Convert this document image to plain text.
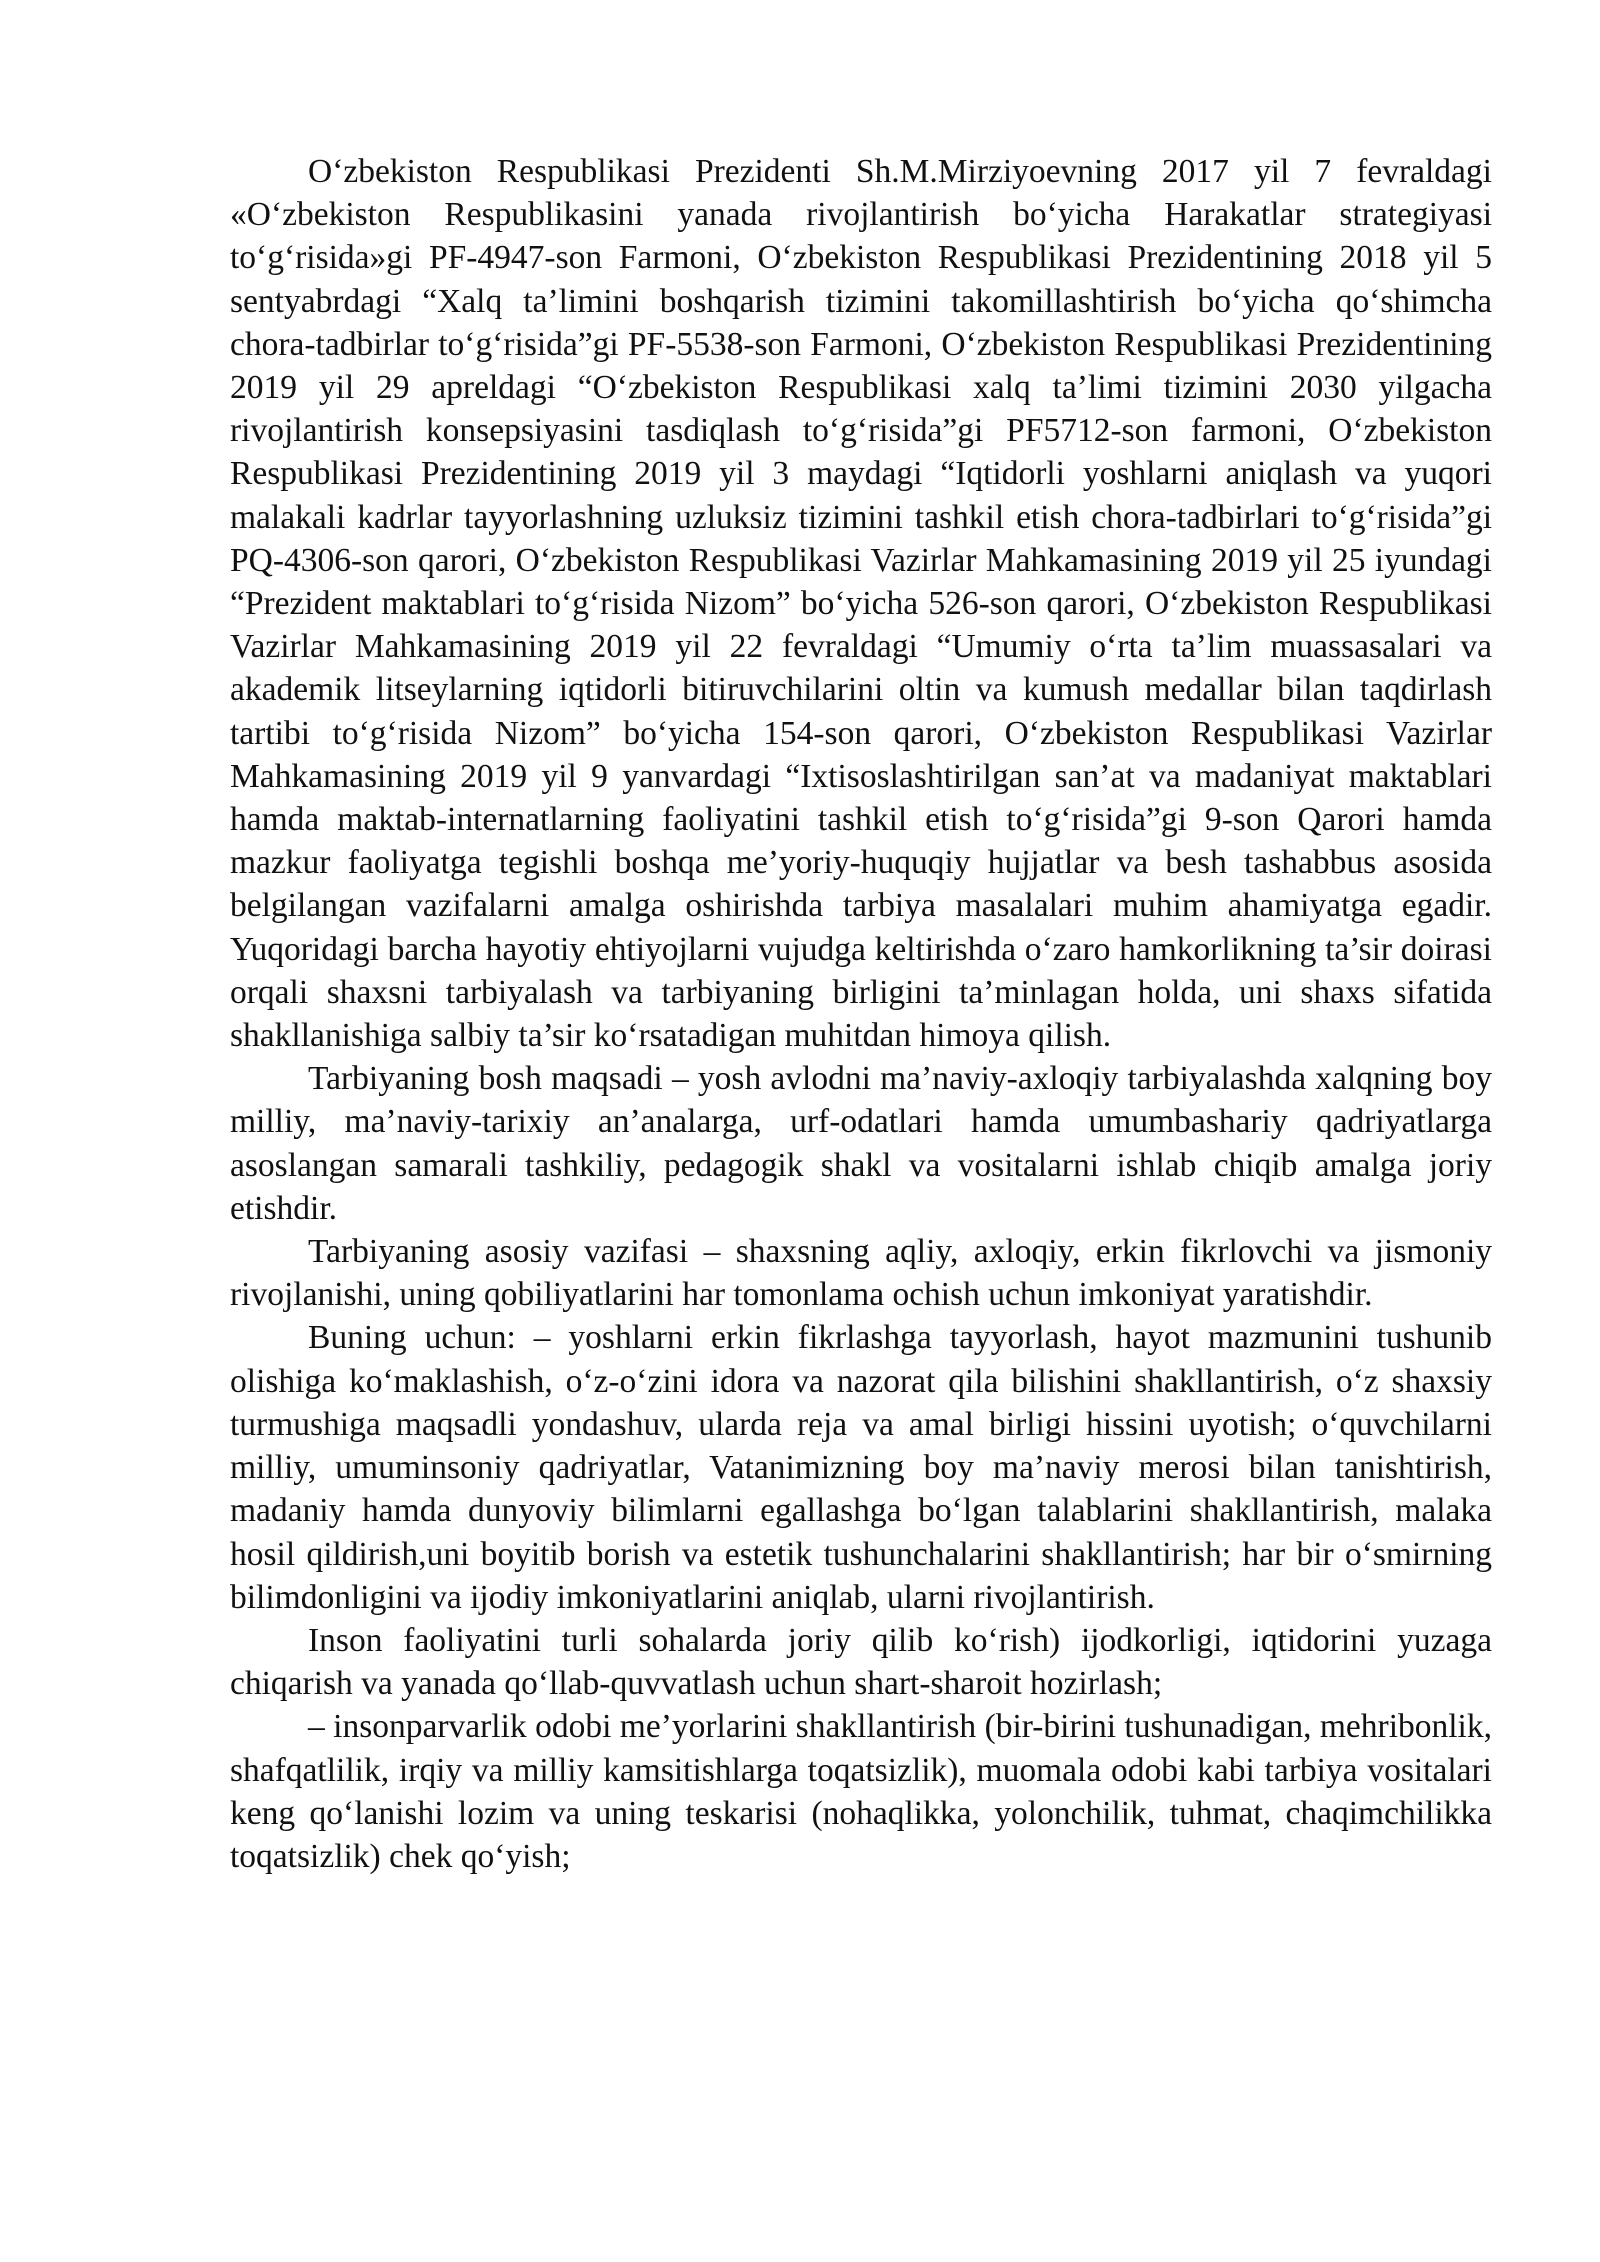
O‘zbekiston Respublikasi Prezidenti Sh.M.Mirziyoevning 2017 yil 7 fevraldagi «O‘zbekiston Respublikasini yanada rivojlantirish bo‘yicha Harakatlar strategiyasi to‘g‘risida»gi PF-4947-son Farmoni, O‘zbekiston Respublikasi Prezidentining 2018 yil 5 sentyabrdagi “Xalq ta’limini boshqarish tizimini takomillashtirish bo‘yicha qo‘shimcha chora-tadbirlar to‘g‘risida”gi PF-5538-son Farmoni, O‘zbekiston Respublikasi Prezidentining 2019 yil 29 apreldagi “O‘zbekiston Respublikasi xalq ta’limi tizimini 2030 yilgacha rivojlantirish konsepsiyasini tasdiqlash to‘g‘risida”gi PF5712-son farmoni, O‘zbekiston Respublikasi Prezidentining 2019 yil 3 maydagi “Iqtidorli yoshlarni aniqlash va yuqori malakali kadrlar tayyorlashning uzluksiz tizimini tashkil etish chora-tadbirlari to‘g‘risida”gi PQ-4306-son qarori, O‘zbekiston Respublikasi Vazirlar Mahkamasining 2019 yil 25 iyundagi “Prezident maktablari to‘g‘risida Nizom” bo‘yicha 526-son qarori, O‘zbekiston Respublikasi Vazirlar Mahkamasining 2019 yil 22 fevraldagi “Umumiy o‘rta ta’lim muassasalari va akademik litseylarning iqtidorli bitiruvchilarini oltin va kumush medallar bilan taqdirlash tartibi to‘g‘risida Nizom” bo‘yicha 154-son qarori, O‘zbekiston Respublikasi Vazirlar Mahkamasining 2019 yil 9 yanvardagi “Ixtisoslashtirilgan san’at va madaniyat maktablari hamda maktab-internatlarning faoliyatini tashkil etish to‘g‘risida”gi 9-son Qarori hamda mazkur faoliyatga tegishli boshqa me’yoriy-huquqiy hujjatlar va besh tashabbus asosida belgilangan vazifalarni amalga oshirishda tarbiya masalalari muhim ahamiyatga egadir. Yuqoridagi barcha hayotiy ehtiyojlarni vujudga keltirishda o‘zaro hamkorlikning ta’sir doirasi orqali shaxsni tarbiyalash va tarbiyaning birligini ta’minlagan holda, uni shaxs sifatida shakllanishiga salbiy ta’sir ko‘rsatadigan muhitdan himoya qilish.

Tarbiyaning bosh maqsadi – yosh avlodni ma’naviy-axloqiy tarbiyalashda xalqning boy milliy, ma’naviy-tarixiy an’analarga, urf-odatlari hamda umumbashariy qadriyatlarga asoslangan samarali tashkiliy, pedagogik shakl va vositalarni ishlab chiqib amalga joriy etishdir.

Tarbiyaning asosiy vazifasi – shaxsning aqliy, axloqiy, erkin fikrlovchi va jismoniy rivojlanishi, uning qobiliyatlarini har tomonlama ochish uchun imkoniyat yaratishdir.

Buning uchun: – yoshlarni erkin fikrlashga tayyorlash, hayot mazmunini tushunib olishiga ko‘maklashish, o‘z-o‘zini idora va nazorat qila bilishini shakllantirish, o‘z shaxsiy turmushiga maqsadli yondashuv, ularda reja va amal birligi hissini uyotish; o‘quvchilarni milliy, umuminsoniy qadriyatlar, Vatanimizning boy ma’naviy merosi bilan tanishtirish, madaniy hamda dunyoviy bilimlarni egallashga bo‘lgan talablarini shakllantirish, malaka hosil qildirish,uni boyitib borish va estetik tushunchalarini shakllantirish; har bir o‘smirning bilimdonligini va ijodiy imkoniyatlarini aniqlab, ularni rivojlantirish.

Inson faoliyatini turli sohalarda joriy qilib ko‘rish) ijodkorligi, iqtidorini yuzaga chiqarish va yanada qo‘llab-quvvatlash uchun shart-sharoit hozirlash;

– insonparvarlik odobi me’yorlarini shakllantirish (bir-birini tushunadigan, mehribonlik, shafqatlilik, irqiy va milliy kamsitishlarga toqatsizlik), muomala odobi kabi tarbiya vositalari keng qo‘lanishi lozim va uning teskarisi (nohaqlikka, yolonchilik, tuhmat, chaqimchilikka toqatsizlik) chek qo‘yish;
